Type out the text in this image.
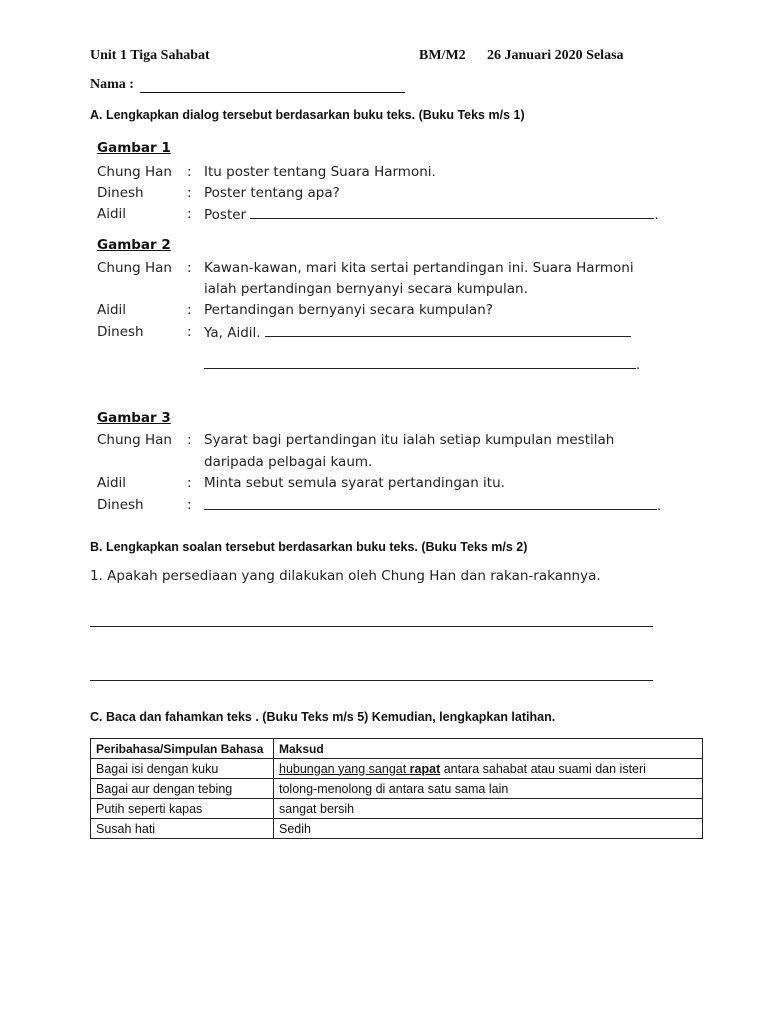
Unit 1 Tiga Sahabat	BM/M2 26 Januari 2020 Selasa
Nama :
A. Lengkapkan dialog tersebut berdasarkan buku teks. (Buku Teks m/s 1)
Gambar 1
Chung Han : Itu poster tentang Suara Harmoni.
Dinesh	: Poster tentang apa?
Aidil	: Poster	.
Gambar 2
Chung Han : Kawan-kawan, mari kita sertai pertandingan ini. Suara Harmoni
ialah pertandingan bernyanyi secara kumpulan.
Aidil	: Pertandingan bernyanyi secara kumpulan?
Dinesh	: Ya, Aidil.
.
Gambar 3
Chung Han : Syarat bagi pertandingan itu ialah setiap kumpulan mestilah
daripada pelbagai kaum.
Aidil	: Minta sebut semula syarat pertandingan itu.
Dinesh	:	.
B. Lengkapkan soalan tersebut berdasarkan buku teks. (Buku Teks m/s 2)
1. Apakah persediaan yang dilakukan oleh Chung Han dan rakan-rakannya.
C. Baca dan fahamkan teks . (Buku Teks m/s 5) Kemudian, lengkapkan latihan.
Peribahasa/Simpulan Bahasa	Maksud
Bagai isi dengan kuku	hubungan yang sangat rapat antara sahabat atau suami dan isteri
Bagai aur dengan tebing	tolong-menolong di antara satu sama lain
Putih seperti kapas	sangat bersih
Susah hati	Sedih
